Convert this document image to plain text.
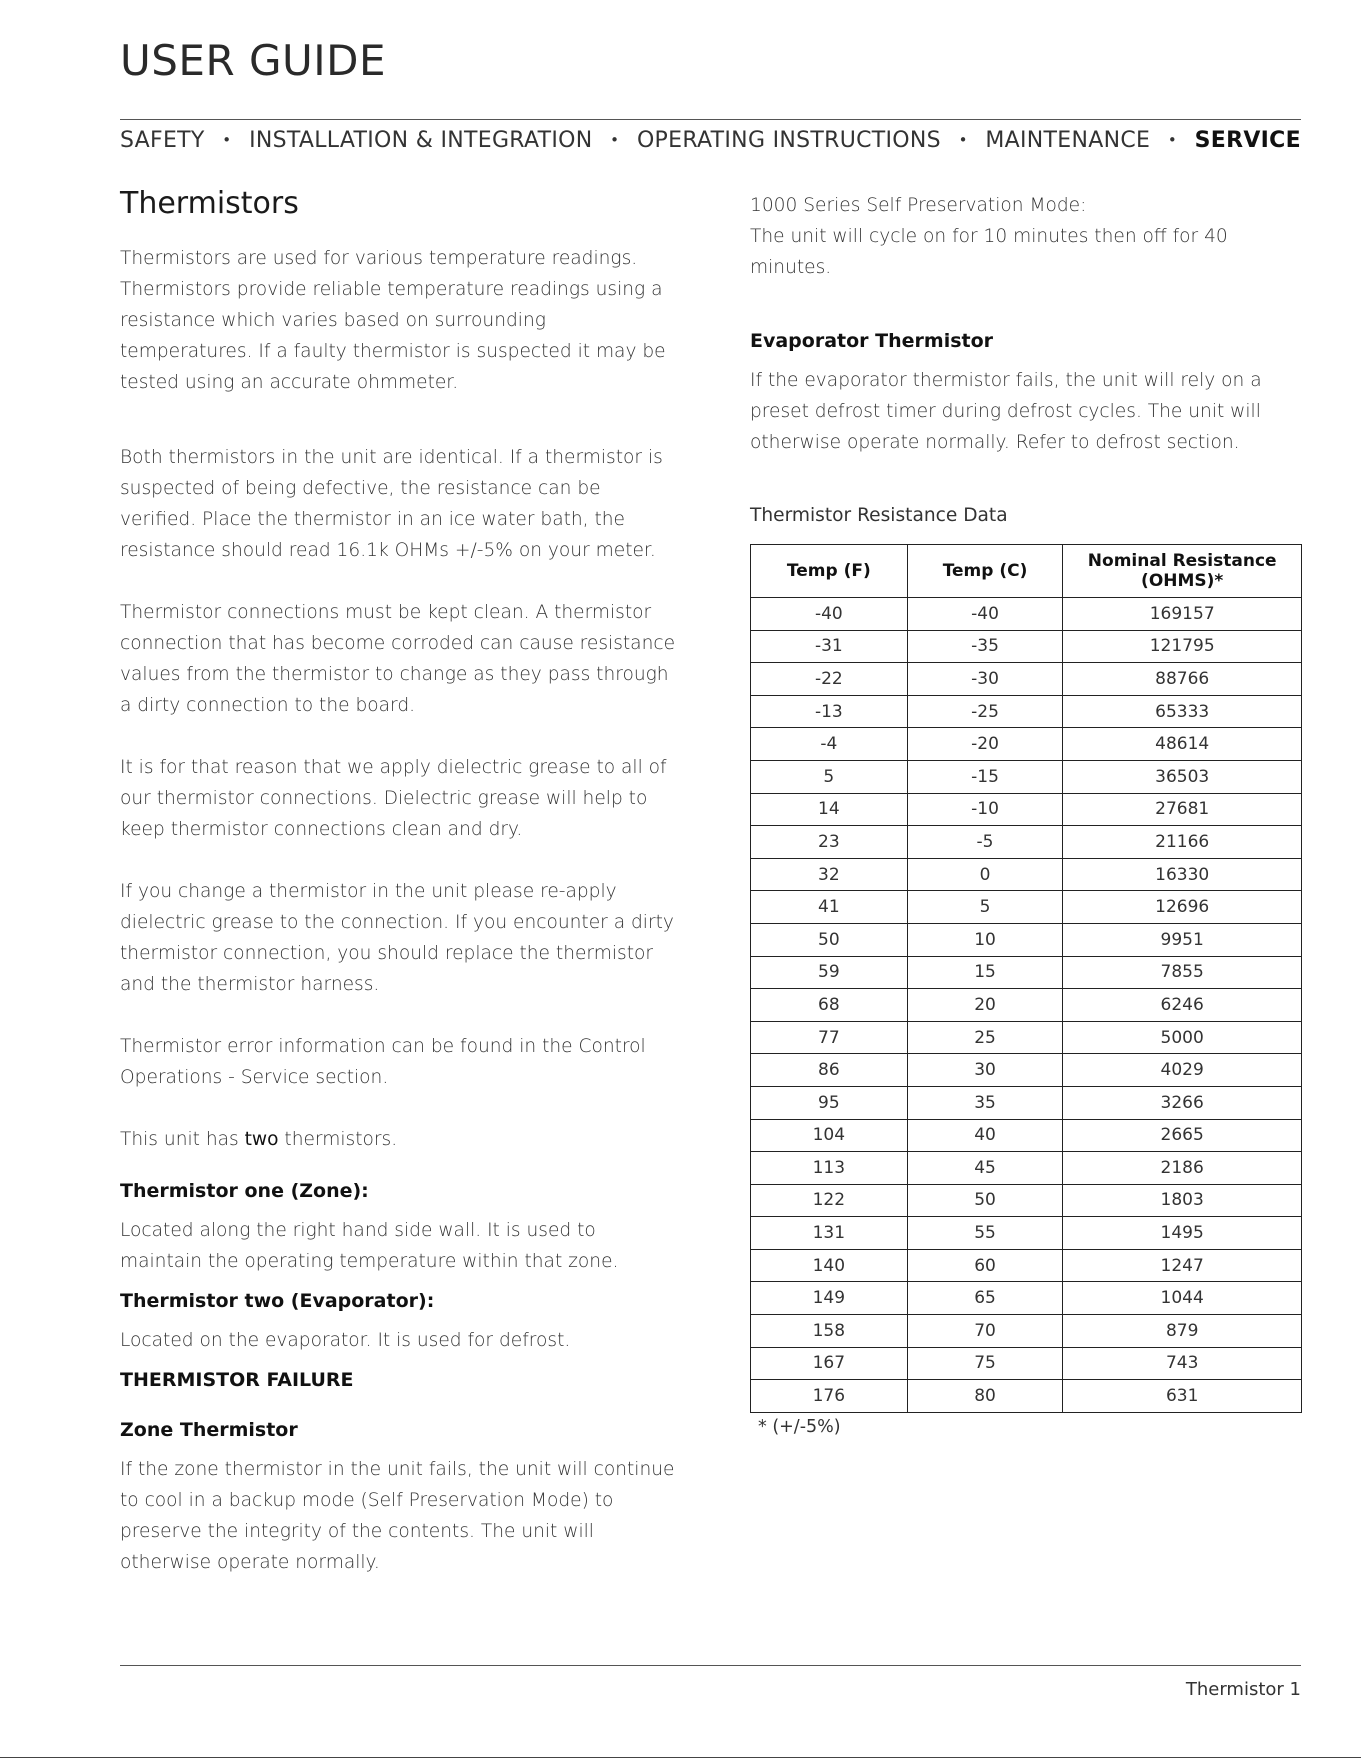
USER GUIDE
SAFETY • INSTALLATION & INTEGRATION • OPERATING INSTRUCTIONS • MAINTENANCE • SERVICE
Thermistors

Thermistors are used for various temperature readings. Thermistors provide reliable temperature readings using a resistance which varies based on surrounding temperatures. If a faulty thermistor is suspected it may be tested using an accurate ohmmeter.

Both thermistors in the unit are identical. If a thermistor is suspected of being defective, the resistance can be verified. Place the thermistor in an ice water bath, the resistance should read 16.1k OHMs +/-5% on your meter.

Thermistor connections must be kept clean. A thermistor connection that has become corroded can cause resistance values from the thermistor to change as they pass through a dirty connection to the board.

It is for that reason that we apply dielectric grease to all of our thermistor connections. Dielectric grease will help to keep thermistor connections clean and dry.

If you change a thermistor in the unit please re-apply dielectric grease to the connection. If you encounter a dirty thermistor connection, you should replace the thermistor and the thermistor harness.

Thermistor error information can be found in the Control Operations - Service section.

This unit has two thermistors.

Thermistor one (Zone):

Located along the right hand side wall. It is used to maintain the operating temperature within that zone.

Thermistor two (Evaporator):

Located on the evaporator. It is used for defrost.

THERMISTOR FAILURE
Zone Thermistor

If the zone thermistor in the unit fails, the unit will continue to cool in a backup mode (Self Preservation Mode) to preserve the integrity of the contents. The unit will otherwise operate normally.

1000 Series Self Preservation Mode:

The unit will cycle on for 10 minutes then off for 40 minutes.

Evaporator Thermistor

If the evaporator thermistor fails, the unit will rely on a preset defrost timer during defrost cycles. The unit will otherwise operate normally. Refer to defrost section.

Thermistor Resistance Data

Temp (F)	Temp (C)	Nominal Resistance (OHMS)*
-40	-40	169157
-31	-35	121795
-22	-30	88766
-13	-25	65333
-4	-20	48614
5	-15	36503
14	-10	27681
23	-5	21166
32	0	16330
41	5	12696
50	10	9951
59	15	7855
68	20	6246
77	25	5000
86	30	4029
95	35	3266
104	40	2665
113	45	2186
122	50	1803
131	55	1495
140	60	1247
149	65	1044
158	70	879
167	75	743
176	80	631
* (+/-5%)
Thermistor 1
